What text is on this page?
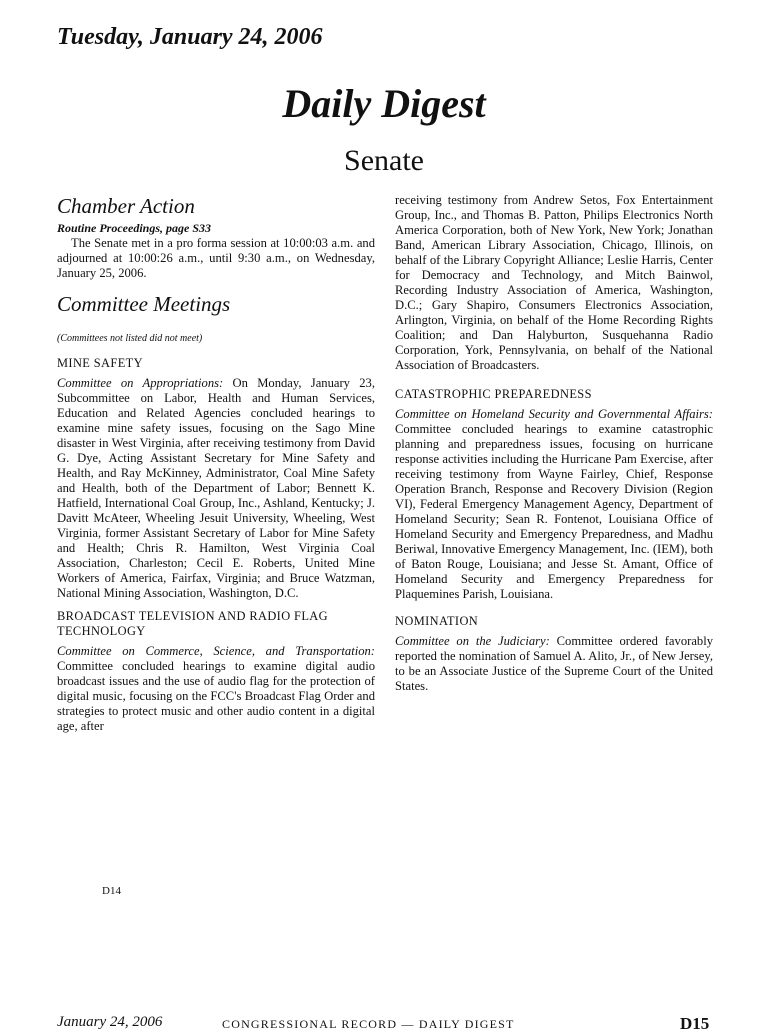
Tuesday, January 24, 2006
Daily Digest
Senate
Chamber Action

Routine Proceedings, page S33

The Senate met in a pro forma session at 10:00:03 a.m. and adjourned at 10:00:26 a.m., until 9:30 a.m., on Wednesday, January 25, 2006.

Committee Meetings

(Committees not listed did not meet)

MINE SAFETY

Committee on Appropriations: On Monday, January 23, Subcommittee on Labor, Health and Human Services, Education and Related Agencies concluded hearings to examine mine safety issues, focusing on the Sago Mine disaster in West Virginia, after receiving testimony from David G. Dye, Acting Assistant Secretary for Mine Safety and Health, and Ray McKinney, Administrator, Coal Mine Safety and Health, both of the Department of Labor; Bennett K. Hatfield, International Coal Group, Inc., Ashland, Kentucky; J. Davitt McAteer, Wheeling Jesuit University, Wheeling, West Virginia, former Assistant Secretary of Labor for Mine Safety and Health; Chris R. Hamilton, West Virginia Coal Association, Charleston; Cecil E. Roberts, United Mine Workers of America, Fairfax, Virginia; and Bruce Watzman, National Mining Association, Washington, D.C.

BROADCAST TELEVISION AND RADIO FLAG TECHNOLOGY

Committee on Commerce, Science, and Transportation: Committee concluded hearings to examine digital audio broadcast issues and the use of audio flag for the protection of digital music, focusing on the FCC's Broadcast Flag Order and strategies to protect music and other audio content in a digital age, after

receiving testimony from Andrew Setos, Fox Entertainment Group, Inc., and Thomas B. Patton, Philips Electronics North America Corporation, both of New York, New York; Jonathan Band, American Library Association, Chicago, Illinois, on behalf of the Library Copyright Alliance; Leslie Harris, Center for Democracy and Technology, and Mitch Bainwol, Recording Industry Association of America, Washington, D.C.; Gary Shapiro, Consumers Electronics Association, Arlington, Virginia, on behalf of the Home Recording Rights Coalition; and Dan Halyburton, Susquehanna Radio Corporation, York, Pennsylvania, on behalf of the National Association of Broadcasters.

CATASTROPHIC PREPAREDNESS

Committee on Homeland Security and Governmental Affairs: Committee concluded hearings to examine catastrophic planning and preparedness issues, focusing on hurricane response activities including the Hurricane Pam Exercise, after receiving testimony from Wayne Fairley, Chief, Response Operation Branch, Response and Recovery Division (Region VI), Federal Emergency Management Agency, Department of Homeland Security; Sean R. Fontenot, Louisiana Office of Homeland Security and Emergency Preparedness, and Madhu Beriwal, Innovative Emergency Management, Inc. (IEM), both of Baton Rouge, Louisiana; and Jesse St. Amant, Office of Homeland Security and Emergency Preparedness for Plaquemines Parish, Louisiana.

NOMINATION

Committee on the Judiciary: Committee ordered favorably reported the nomination of Samuel A. Alito, Jr., of New Jersey, to be an Associate Justice of the Supreme Court of the United States.

D14
January 24, 2006	CONGRESSIONAL RECORD — DAILY DIGEST	D15
